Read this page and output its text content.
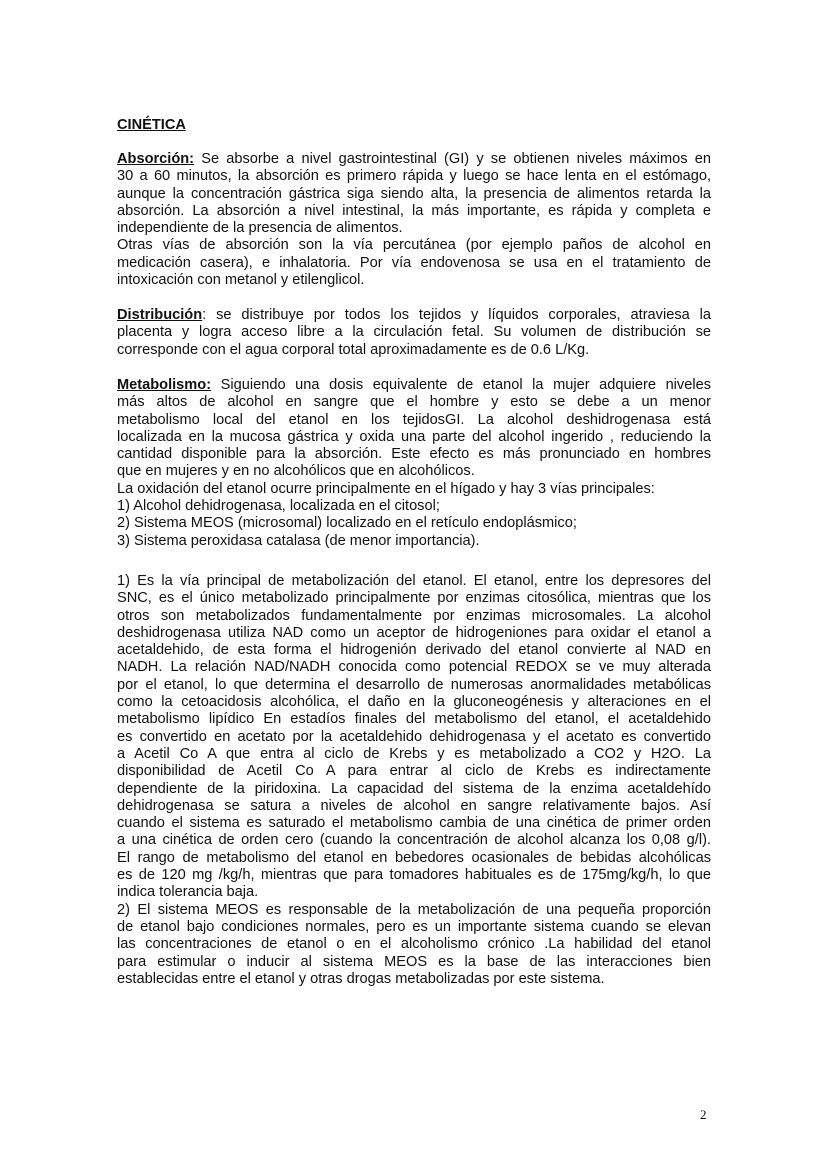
CINÉTICA
Absorción: Se absorbe a nivel gastrointestinal (GI) y se obtienen niveles máximos en
30 a 60 minutos, la absorción es primero rápida y luego se hace lenta en el estómago,
aunque la concentración gástrica siga siendo alta, la presencia de alimentos retarda la
absorción. La absorción a nivel intestinal, la más importante, es rápida y completa e
independiente de la presencia de alimentos.
Otras vías de absorción son la vía percutánea (por ejemplo paños de alcohol en
medicación casera), e inhalatoria. Por vía endovenosa se usa en el tratamiento de
intoxicación con metanol y etilenglicol.
Distribución: se distribuye por todos los tejidos y líquidos corporales, atraviesa la
placenta y logra acceso libre a la circulación fetal. Su volumen de distribución se
corresponde con el agua corporal total aproximadamente es de 0.6 L/Kg.
Metabolismo: Siguiendo una dosis equivalente de etanol la mujer adquiere niveles
más altos de alcohol en sangre que el hombre y esto se debe a un menor
metabolismo local del etanol en los tejidosGI. La alcohol deshidrogenasa está
localizada en la mucosa gástrica y oxida una parte del alcohol ingerido , reduciendo la
cantidad disponible para la absorción. Este efecto es más pronunciado en hombres
que en mujeres y en no alcohólicos que en alcohólicos.
La oxidación del etanol ocurre principalmente en el hígado y hay 3 vías principales:
1) Alcohol dehidrogenasa, localizada en el citosol;
2) Sistema MEOS (microsomal) localizado en el retículo endoplásmico;
3) Sistema peroxidasa catalasa (de menor importancia).
1) Es la vía principal de metabolización del etanol. El etanol, entre los depresores del
SNC, es el único metabolizado principalmente por enzimas citosólica, mientras que los
otros son metabolizados fundamentalmente por enzimas microsomales. La alcohol
deshidrogenasa utiliza NAD como un aceptor de hidrogeniones para oxidar el etanol a
acetaldehido, de esta forma el hidrogenión derivado del etanol convierte al NAD en
NADH. La relación NAD/NADH conocida como potencial REDOX se ve muy alterada
por el etanol, lo que determina el desarrollo de numerosas anormalidades metabólicas
como la cetoacidosis alcohólica, el daño en la gluconeogénesis y alteraciones en el
metabolismo lipídico En estadíos finales del metabolismo del etanol, el acetaldehido
es convertido en acetato por la acetaldehido dehidrogenasa y el acetato es convertido
a Acetil Co A que entra al ciclo de Krebs y es metabolizado a CO2 y H2O. La
disponibilidad de Acetil Co A para entrar al ciclo de Krebs es indirectamente
dependiente de la piridoxina. La capacidad del sistema de la enzima acetaldehído
dehidrogenasa se satura a niveles de alcohol en sangre relativamente bajos. Así
cuando el sistema es saturado el metabolismo cambia de una cinética de primer orden
a una cinética de orden cero (cuando la concentración de alcohol alcanza los 0,08 g/l).
El rango de metabolismo del etanol en bebedores ocasionales de bebidas alcohólicas
es de 120 mg /kg/h, mientras que para tomadores habituales es de 175mg/kg/h, lo que
indica tolerancia baja.
2) El sistema MEOS es responsable de la metabolización de una pequeña proporción
de etanol bajo condiciones normales, pero es un importante sistema cuando se elevan
las concentraciones de etanol o en el alcoholismo crónico .La habilidad del etanol
para estimular o inducir al sistema MEOS es la base de las interacciones bien
establecidas entre el etanol y otras drogas metabolizadas por este sistema.
2
